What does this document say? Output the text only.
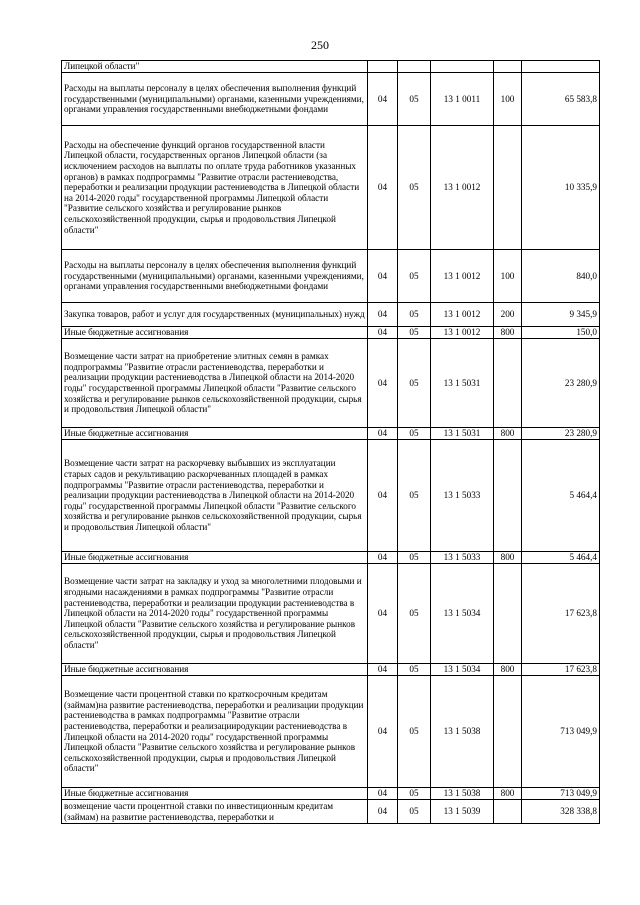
250
Липецкой области"					
Расходы на выплаты персоналу в целях обеспечения выполнения функций государственными (муниципальными) органами, казенными учреждениями, органами управления государственными внебюджетными фондами	04	05	13 1 0011	100	65 583,8
Расходы на обеспечение функций органов государственной власти Липецкой области, государственных органов Липецкой области (за исключением расходов на выплаты по оплате труда работников указанных органов) в рамках подпрограммы "Развитие отрасли растениеводства, переработки и реализации продукции растениеводства в Липецкой области на 2014-2020 годы" государственной программы Липецкой области "Развитие сельского хозяйства и регулирование рынков сельскохозяйственной продукции, сырья и продовольствия Липецкой области"	04	05	13 1 0012		10 335,9
Расходы на выплаты персоналу в целях обеспечения выполнения функций государственными (муниципальными) органами, казенными учреждениями, органами управления государственными внебюджетными фондами	04	05	13 1 0012	100	840,0
Закупка товаров, работ и услуг для государственных (муниципальных) нужд	04	05	13 1 0012	200	9 345,9
Иные бюджетные ассигнования	04	05	13 1 0012	800	150,0
Возмещение части затрат на приобретение элитных семян в рамках подпрограммы "Развитие отрасли растениеводства, переработки и реализации продукции растениеводства в Липецкой области на 2014-2020 годы" государственной программы Липецкой области "Развитие сельского хозяйства и регулирование рынков сельскохозяйственной продукции, сырья и продовольствия Липецкой области"	04	05	13 1 5031		23 280,9
Иные бюджетные ассигнования	04	05	13 1 5031	800	23 280,9
Возмещение части затрат на раскорчевку выбывших из эксплуатации старых садов и рекультивацию раскорчеванных площадей в рамках подпрограммы "Развитие отрасли растениеводства, переработки и реализации продукции растениеводства в Липецкой области на 2014-2020 годы" государственной программы Липецкой области "Развитие сельского хозяйства и регулирование рынков сельскохозяйственной продукции, сырья и продовольствия Липецкой области"	04	05	13 1 5033		5 464,4
Иные бюджетные ассигнования	04	05	13 1 5033	800	5 464,4
Возмещение части затрат на закладку и уход за многолетними плодовыми и ягодными насаждениями в рамках подпрограммы "Развитие отрасли растениеводства, переработки и реализации продукции растениеводства в Липецкой области на 2014-2020 годы" государственной программы Липецкой области "Развитие сельского хозяйства и регулирование рынков сельскохозяйственной продукции, сырья и продовольствия Липецкой области"	04	05	13 1 5034		17 623,8
Иные бюджетные ассигнования	04	05	13 1 5034	800	17 623,8
Возмещение части процентной ставки по краткосрочным кредитам (займам)на развитие растениеводства, переработки и реализации продукции растениеводства в рамках подпрограммы "Развитие отрасли растениеводства, переработки и реализацииродукции растениеводства в Липецкой области на 2014-2020 годы" государственной программы Липецкой области "Развитие сельского хозяйства и регулирование рынков сельскохозяйственной продукции, сырья и продовольствия Липецкой области"	04	05	13 1 5038		713 049,9
Иные бюджетные ассигнования	04	05	13 1 5038	800	713 049,9
возмещение части процентной ставки по инвестиционным кредитам (займам) на развитие растениеводства, переработки и	04	05	13 1 5039		328 338,8
